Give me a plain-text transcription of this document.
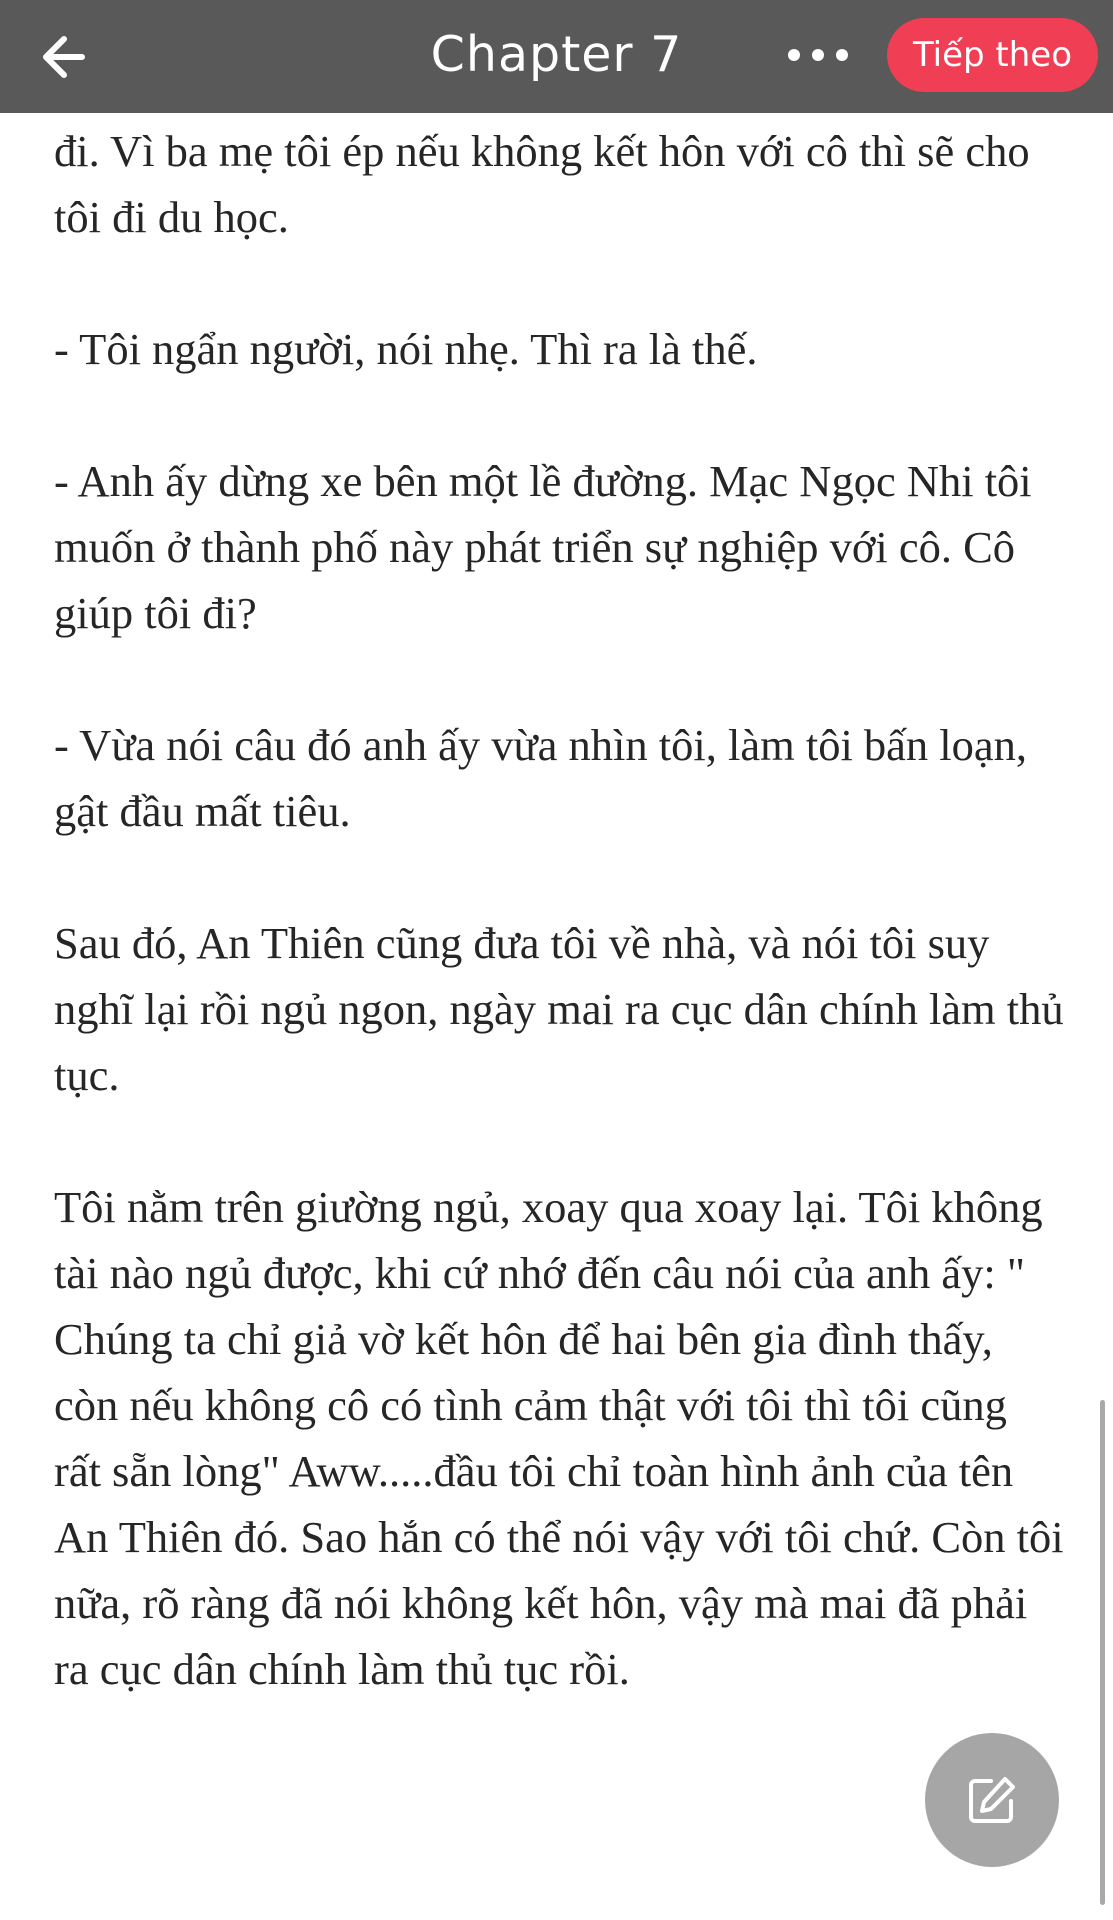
Chapter 7	Tiếp theo

đi. Vì ba mẹ tôi ép nếu không kết hôn với cô thì sẽ cho tôi đi du học.

- Tôi ngẩn người, nói nhẹ. Thì ra là thế.

- Anh ấy dừng xe bên một lề đường. Mạc Ngọc Nhi tôi muốn ở thành phố này phát triển sự nghiệp với cô. Cô giúp tôi đi?

- Vừa nói câu đó anh ấy vừa nhìn tôi, làm tôi bấn loạn, gật đầu mất tiêu.

Sau đó, An Thiên cũng đưa tôi về nhà, và nói tôi suy nghĩ lại rồi ngủ ngon, ngày mai ra cục dân chính làm thủ tục.

Tôi nằm trên giường ngủ, xoay qua xoay lại. Tôi không tài nào ngủ được, khi cứ nhớ đến câu nói của anh ấy: " Chúng ta chỉ giả vờ kết hôn để hai bên gia đình thấy, còn nếu không cô có tình cảm thật với tôi thì tôi cũng rất sẵn lòng" Aww.....đầu tôi chỉ toàn hình ảnh của tên An Thiên đó. Sao hắn có thể nói vậy với tôi chứ. Còn tôi nữa, rõ ràng đã nói không kết hôn, vậy mà mai đã phải ra cục dân chính làm thủ tục rồi.
